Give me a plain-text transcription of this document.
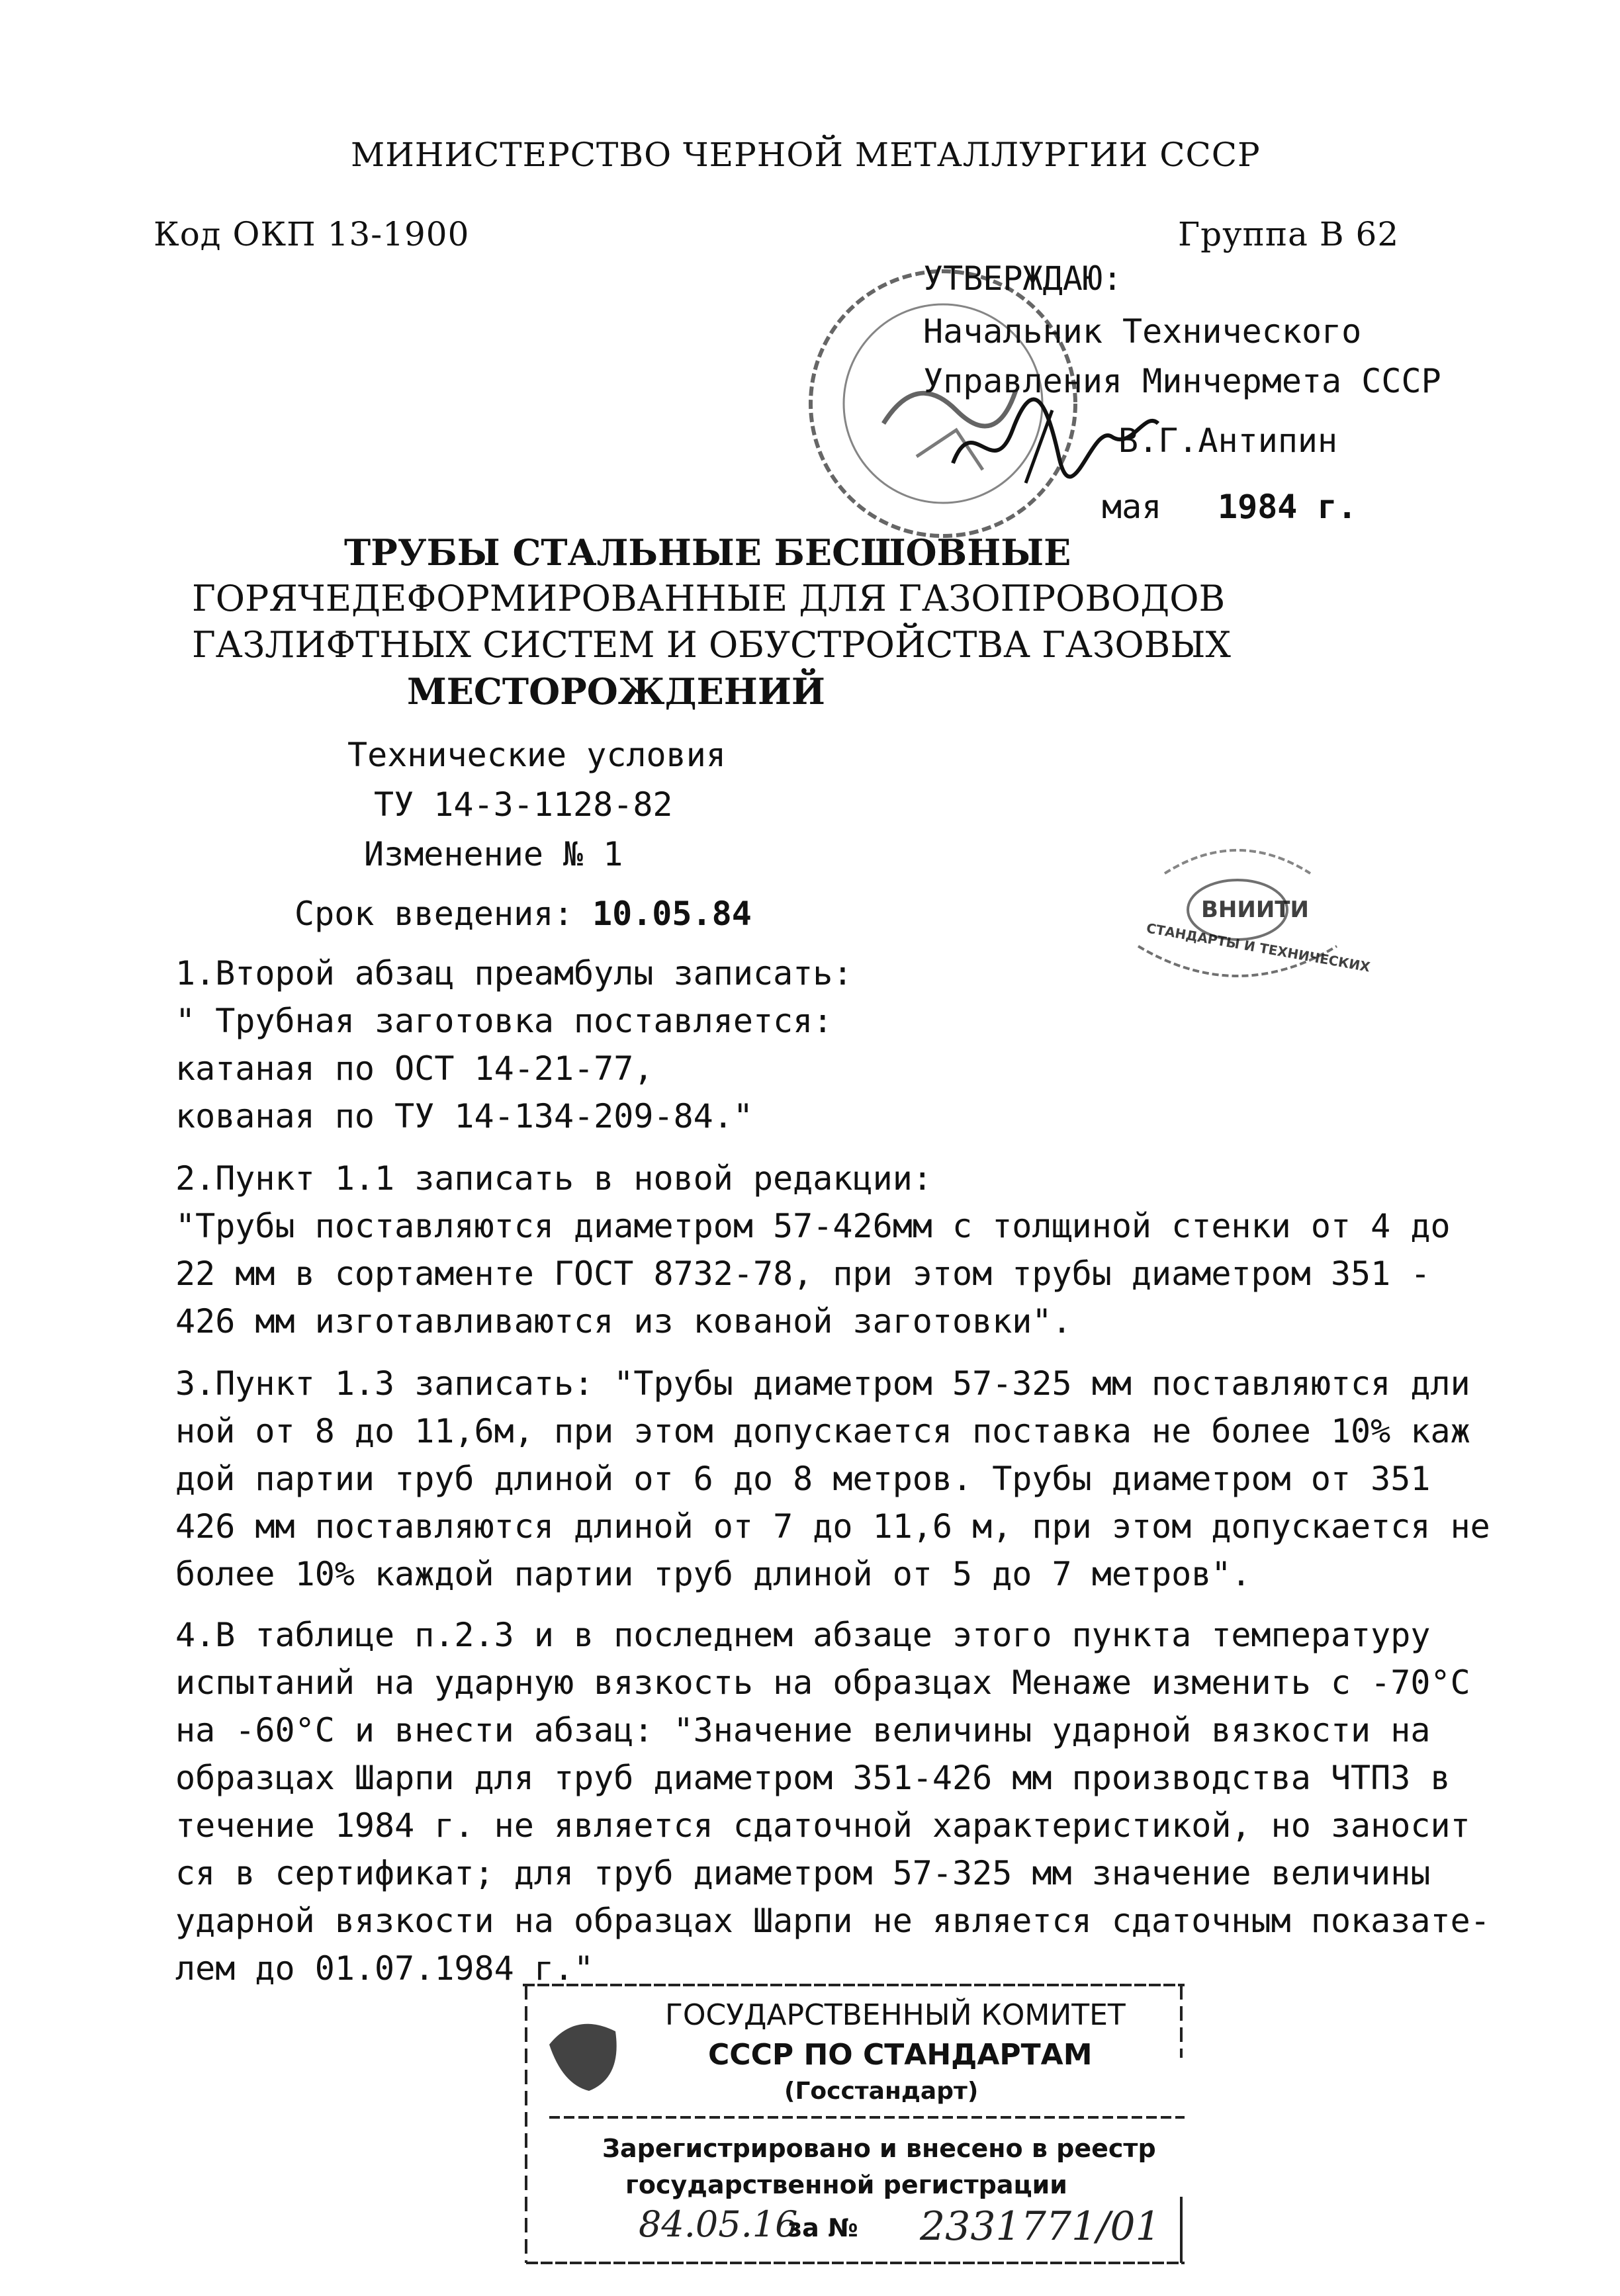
МИНИСТЕРСТВО ЧЕРНОЙ МЕТАЛЛУРГИИ СССР
Код ОКП 13-1900	Группа В 62
УТВЕРЖДАЮ:
Начальник Технического
Управления Минчермета СССР
В.Г.Антипин
мая 1984 г.
ТРУБЫ СТАЛЬНЫЕ БЕСШОВНЫЕ
ГОРЯЧЕДЕФОРМИРОВАННЫЕ ДЛЯ ГАЗОПРОВОДОВ
ГАЗЛИФТНЫХ СИСТЕМ И ОБУСТРОЙСТВА ГАЗОВЫХ
МЕСТОРОЖДЕНИЙ
Технические условия
ТУ 14-3-1128-82
Изменение № 1
Срок введения: 10.05.84	ВНИИТИ
СТАНДАРТЫ И ТЕХНИЧЕСКИХ
1.Второй абзац преамбулы записать:
" Трубная заготовка поставляется:
катаная по ОСТ 14-21-77,
кованая по ТУ 14-134-209-84."
2.Пункт 1.1 записать в новой редакции:
"Трубы поставляются диаметром 57-426мм с толщиной стенки от 4 до
22 мм в сортаменте ГОСТ 8732-78, при этом трубы диаметром 351 -
426 мм изготавливаются из кованой заготовки".
3.Пункт 1.3 записать: "Трубы диаметром 57-325 мм поставляются дли
ной от 8 до 11,6м, при этом допускается поставка не более 10% каж
дой партии труб длиной от 6 до 8 метров. Трубы диаметром от 351
426 мм поставляются длиной от 7 до 11,6 м, при этом допускается не
более 10% каждой партии труб длиной от 5 до 7 метров".
4.В таблице п.2.3 и в последнем абзаце этого пункта температуру
испытаний на ударную вязкость на образцах Менаже изменить с -70°С
на -60°С и внести абзац: "Значение величины ударной вязкости на
образцах Шарпи для труб диаметром 351-426 мм производства ЧТПЗ в
течение 1984 г. не является сдаточной характеристикой, но заносит
ся в сертификат; для труб диаметром 57-325 мм значение величины
ударной вязкости на образцах Шарпи не является сдаточным показате-
лем до 01.07.1984 г."
ГОСУДАРСТВЕННЫЙ КОМИТЕТ
СССР ПО СТАНДАРТАМ
(Госстандарт)
Зарегистрировано и внесено в реестр
государственной регистрации
84.05.16
за № 2331771/01
